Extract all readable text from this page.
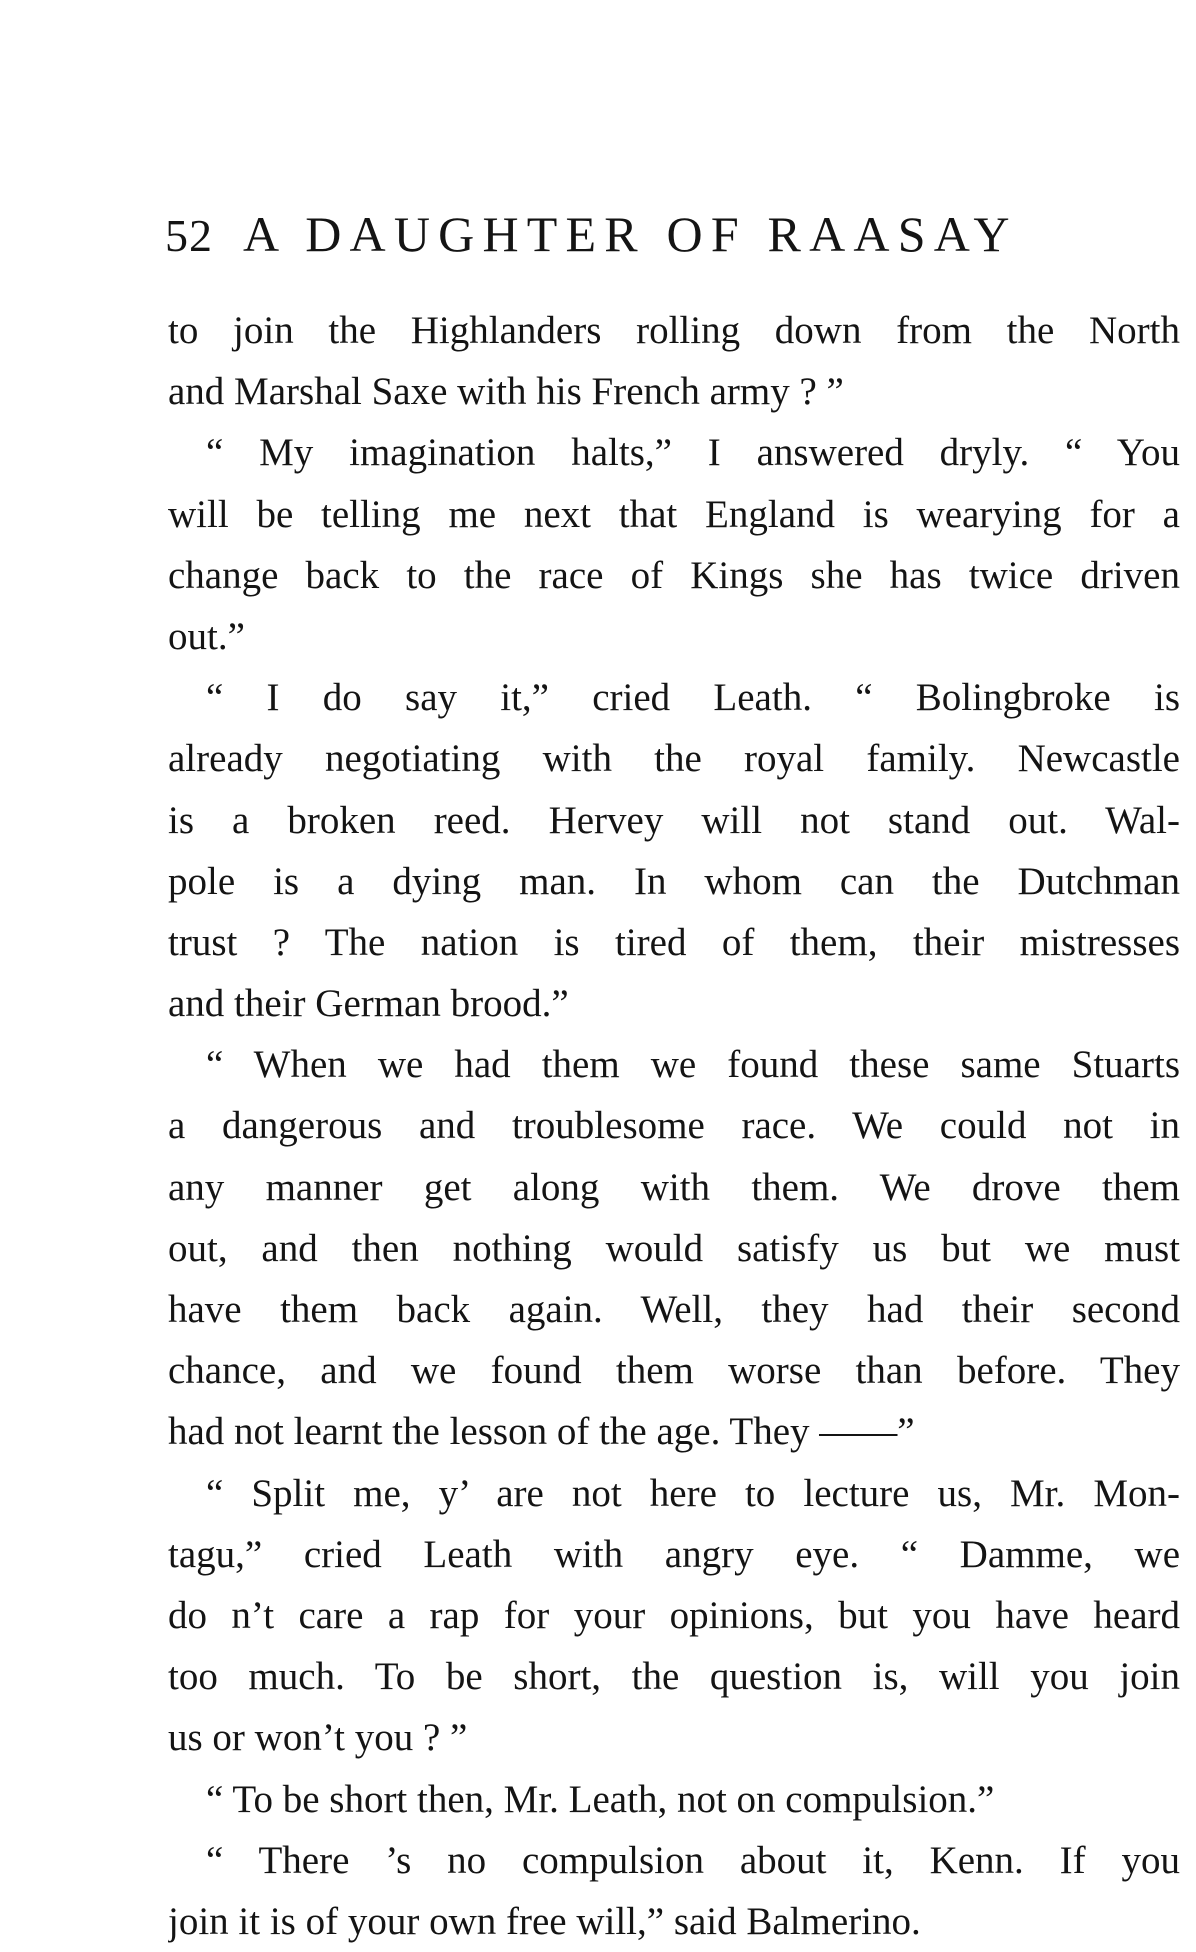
52 A DAUGHTER OF RAASAY
to join the Highlanders rolling down from the North
and Marshal Saxe with his French army ? ”
“ My imagination halts,” I answered dryly. “ You
will be telling me next that England is wearying for a
change back to the race of Kings she has twice driven
out.”
“ I do say it,” cried Leath. “ Bolingbroke is
already negotiating with the royal family. Newcastle
is a broken reed. Hervey will not stand out. Wal-
pole is a dying man. In whom can the Dutchman
trust ? The nation is tired of them, their mistresses
and their German brood.”
“ When we had them we found these same Stuarts
a dangerous and troublesome race. We could not in
any manner get along with them. We drove them
out, and then nothing would satisfy us but we must
have them back again. Well, they had their second
chance, and we found them worse than before. They
had not learnt the lesson of the age. They ——”
“ Split me, y’ are not here to lecture us, Mr. Mon-
tagu,” cried Leath with angry eye. “ Damme, we
do n’t care a rap for your opinions, but you have heard
too much. To be short, the question is, will you join
us or won’t you ? ”
“ To be short then, Mr. Leath, not on compulsion.”
“ There ’s no compulsion about it, Kenn. If you
join it is of your own free will,” said Balmerino.
